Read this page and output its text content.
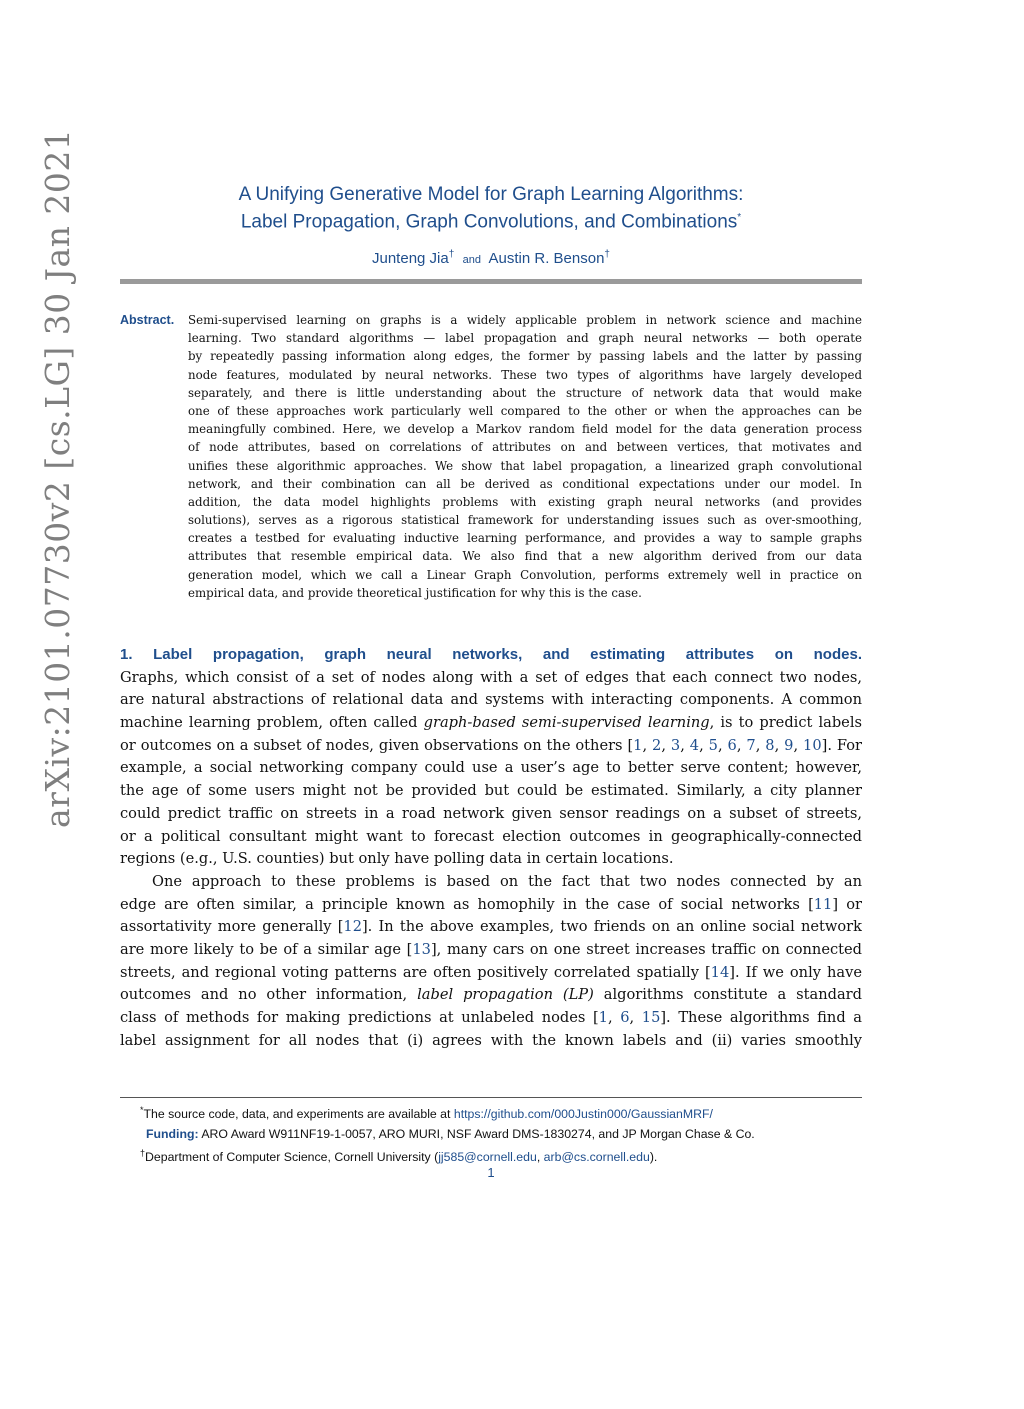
arXiv:2101.07730v2 [cs.LG] 30 Jan 2021	A Unifying Generative Model for Graph Learning Algorithms:
Label Propagation, Graph Convolutions, and Combinations*
Junteng Jia† and Austin R. Benson†
Abstract. Semi-supervised learning on graphs is a widely applicable problem in network science and machine
learning. Two standard algorithms — label propagation and graph neural networks — both operate
by repeatedly passing information along edges, the former by passing labels and the latter by passing
node features, modulated by neural networks. These two types of algorithms have largely developed
separately, and there is little understanding about the structure of network data that would make
one of these approaches work particularly well compared to the other or when the approaches can be
meaningfully combined. Here, we develop a Markov random field model for the data generation process
of node attributes, based on correlations of attributes on and between vertices, that motivates and
unifies these algorithmic approaches. We show that label propagation, a linearized graph convolutional
network, and their combination can all be derived as conditional expectations under our model. In
addition, the data model highlights problems with existing graph neural networks (and provides
solutions), serves as a rigorous statistical framework for understanding issues such as over-smoothing,
creates a testbed for evaluating inductive learning performance, and provides a way to sample graphs
attributes that resemble empirical data. We also find that a new algorithm derived from our data
generation model, which we call a Linear Graph Convolution, performs extremely well in practice on
empirical data, and provide theoretical justification for why this is the case.
1. Label propagation, graph neural networks, and estimating attributes on nodes.
Graphs, which consist of a set of nodes along with a set of edges that each connect two nodes,
are natural abstractions of relational data and systems with interacting components. A common
machine learning problem, often called graph-based semi-supervised learning, is to predict labels
or outcomes on a subset of nodes, given observations on the others [1, 2, 3, 4, 5, 6, 7, 8, 9, 10]. For
example, a social networking company could use a user’s age to better serve content; however,
the age of some users might not be provided but could be estimated. Similarly, a city planner
could predict traffic on streets in a road network given sensor readings on a subset of streets,
or a political consultant might want to forecast election outcomes in geographically-connected
regions (e.g., U.S. counties) but only have polling data in certain locations.
One approach to these problems is based on the fact that two nodes connected by an
edge are often similar, a principle known as homophily in the case of social networks [11] or
assortativity more generally [12]. In the above examples, two friends on an online social network
are more likely to be of a similar age [13], many cars on one street increases traffic on connected
streets, and regional voting patterns are often positively correlated spatially [14]. If we only have
outcomes and no other information, label propagation (LP) algorithms constitute a standard
class of methods for making predictions at unlabeled nodes [1, 6, 15]. These algorithms find a
label assignment for all nodes that (i) agrees with the known labels and (ii) varies smoothly
*The source code, data, and experiments are available at https://github.com/000Justin000/GaussianMRF/
Funding: ARO Award W911NF19-1-0057, ARO MURI, NSF Award DMS-1830274, and JP Morgan Chase & Co.
†Department of Computer Science, Cornell University (jj585@cornell.edu, arb@cs.cornell.edu).
1
